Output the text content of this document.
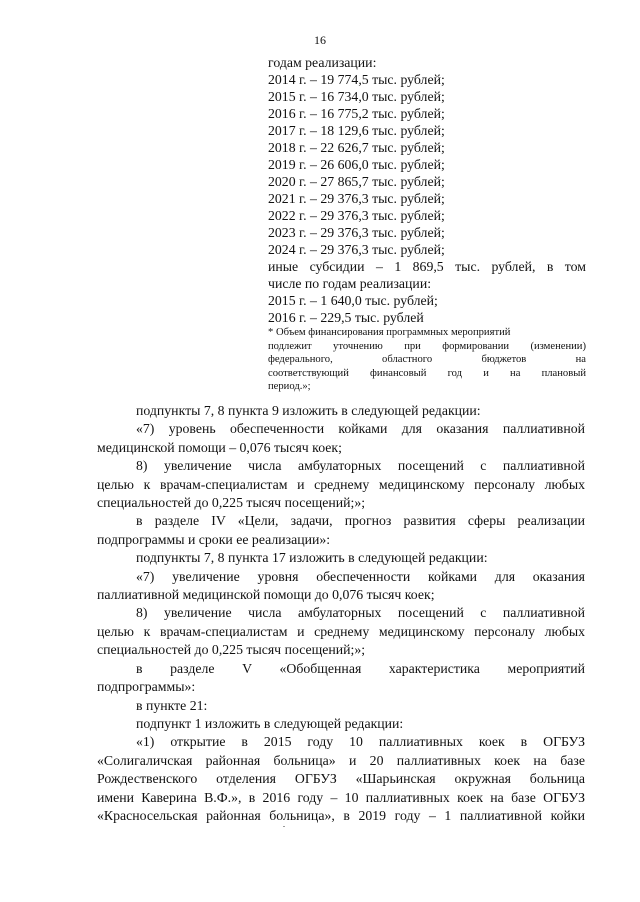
16
годам реализации:
2014 г. – 19 774,5 тыс. рублей;
2015 г. – 16 734,0 тыс. рублей;
2016 г. – 16 775,2 тыс. рублей;
2017 г. – 18 129,6 тыс. рублей;
2018 г. – 22 626,7 тыс. рублей;
2019 г. – 26 606,0 тыс. рублей;
2020 г. – 27 865,7 тыс. рублей;
2021 г. – 29 376,3 тыс. рублей;
2022 г. – 29 376,3 тыс. рублей;
2023 г. – 29 376,3 тыс. рублей;
2024 г. – 29 376,3 тыс. рублей;
иные субсидии – 1 869,5 тыс. рублей, в том
числе по годам реализации:
2015 г. – 1 640,0 тыс. рублей;
2016 г. – 229,5 тыс. рублей
* Объем финансирования программных мероприятий
подлежит уточнению при формировании (изменении)
федерального, областного бюджетов на
соответствующий финансовый год и на плановый
период.»;
подпункты 7, 8 пункта 9 изложить в следующей редакции:
«7) уровень обеспеченности койками для оказания паллиативной
медицинской помощи – 0,076 тысяч коек;
8) увеличение числа амбулаторных посещений с паллиативной
целью к врачам-специалистам и среднему медицинскому персоналу любых
специальностей до 0,225 тысяч посещений;»;
в разделе IV «Цели, задачи, прогноз развития сферы реализации
подпрограммы и сроки ее реализации»:
подпункты 7, 8 пункта 17 изложить в следующей редакции:
«7) увеличение уровня обеспеченности койками для оказания
паллиативной медицинской помощи до 0,076 тысяч коек;
8) увеличение числа амбулаторных посещений с паллиативной
целью к врачам-специалистам и среднему медицинскому персоналу любых
специальностей до 0,225 тысяч посещений;»;
в разделе V «Обобщенная характеристика мероприятий
подпрограммы»:
в пункте 21:
подпункт 1 изложить в следующей редакции:
«1) открытие в 2015 году 10 паллиативных коек в ОГБУЗ
«Солигаличская районная больница» и 20 паллиативных коек на базе
Рождественского отделения ОГБУЗ «Шарьинская окружная больница
имени Каверина В.Ф.», в 2016 году – 10 паллиативных коек на базе ОГБУЗ
«Красносельская районная больница», в 2019 году – 1 паллиативной койки
